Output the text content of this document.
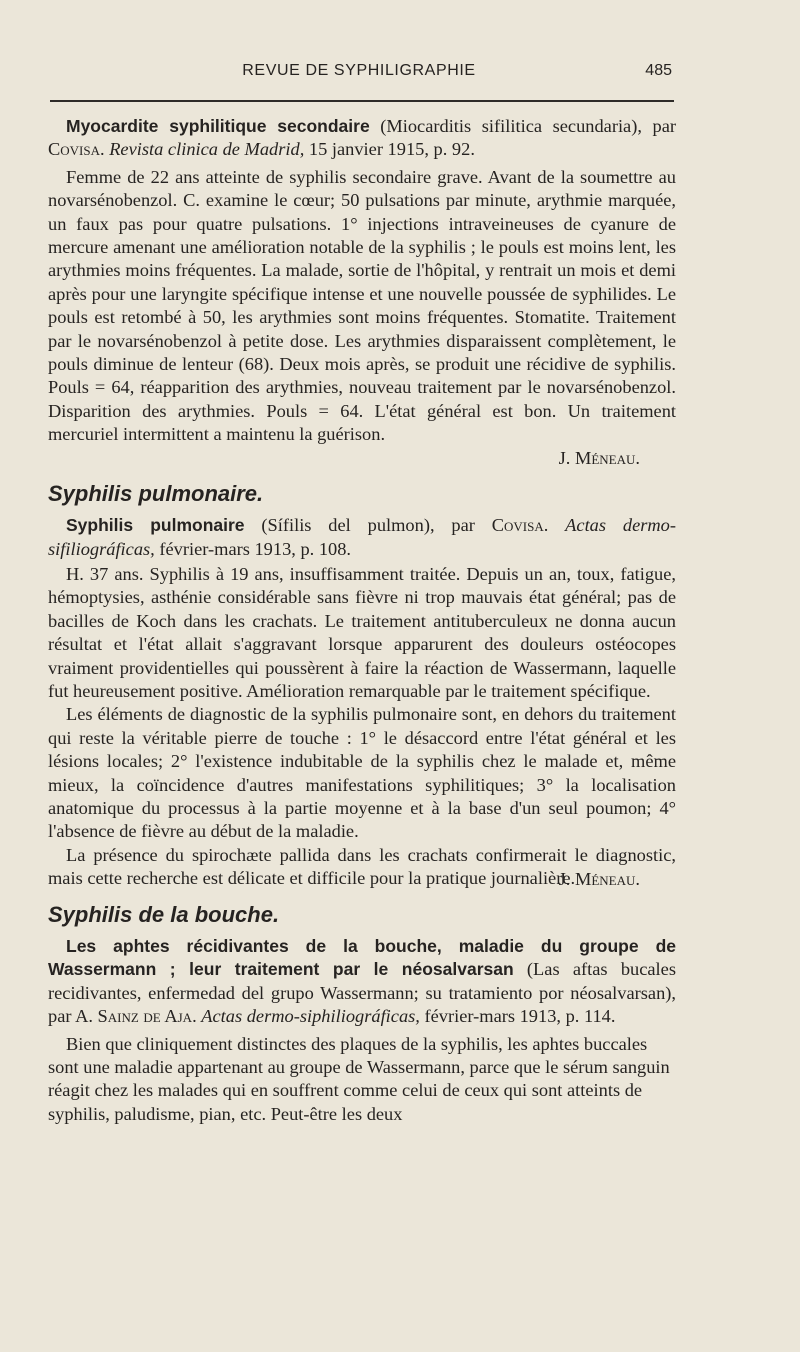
REVUE DE SYPHILIGRAPHIE	485

Myocardite syphilitique secondaire (Miocarditis sifilitica secundaria), par Covisa. Revista clinica de Madrid, 15 janvier 1915, p. 92.

Femme de 22 ans atteinte de syphilis secondaire grave. Avant de la soumettre au novarsénobenzol. C. examine le cœur; 50 pulsations par minute, arythmie marquée, un faux pas pour quatre pulsations. 1° injections intraveineuses de cyanure de mercure amenant une amélioration notable de la syphilis ; le pouls est moins lent, les arythmies moins fréquentes. La malade, sortie de l'hôpital, y rentrait un mois et demi après pour une laryngite spécifique intense et une nouvelle poussée de syphilides. Le pouls est retombé à 50, les arythmies sont moins fréquentes. Stomatite. Traitement par le novarsénobenzol à petite dose. Les arythmies disparaissent complètement, le pouls diminue de lenteur (68). Deux mois après, se produit une récidive de syphilis. Pouls = 64, réapparition des arythmies, nouveau traitement par le novarsénobenzol. Disparition des arythmies. Pouls = 64. L'état général est bon. Un traitement mercuriel intermittent a maintenu la guérison.

J. Méneau.
Syphilis pulmonaire.

Syphilis pulmonaire (Sífilis del pulmon), par Covisa. Actas dermo-sifiliográficas, février-mars 1913, p. 108.

H. 37 ans. Syphilis à 19 ans, insuffisamment traitée. Depuis un an, toux, fatigue, hémoptysies, asthénie considérable sans fièvre ni trop mauvais état général; pas de bacilles de Koch dans les crachats. Le traitement antituberculeux ne donna aucun résultat et l'état allait s'aggravant lorsque apparurent des douleurs ostéocopes vraiment providentielles qui poussèrent à faire la réaction de Wassermann, laquelle fut heureusement positive. Amélioration remarquable par le traitement spécifique.

Les éléments de diagnostic de la syphilis pulmonaire sont, en dehors du traitement qui reste la véritable pierre de touche : 1° le désaccord entre l'état général et les lésions locales; 2° l'existence indubitable de la syphilis chez le malade et, même mieux, la coïncidence d'autres manifestations syphilitiques; 3° la localisation anatomique du processus à la partie moyenne et à la base d'un seul poumon; 4° l'absence de fièvre au début de la maladie.

La présence du spirochæte pallida dans les crachats confirmerait le diagnostic, mais cette recherche est délicate et difficile pour la pratique journalière.

J. Méneau.
Syphilis de la bouche.

Les aphtes récidivantes de la bouche, maladie du groupe de Wassermann ; leur traitement par le néosalvarsan (Las aftas bucales recidivantes, enfermedad del grupo Wassermann; su tratamiento por néosalvarsan), par A. Sainz de Aja. Actas dermo-siphiliográficas, février-mars 1913, p. 114.

Bien que cliniquement distinctes des plaques de la syphilis, les aphtes buccales sont une maladie appartenant au groupe de Wassermann, parce que le sérum sanguin réagit chez les malades qui en souffrent comme celui de ceux qui sont atteints de syphilis, paludisme, pian, etc. Peut-être les deux
